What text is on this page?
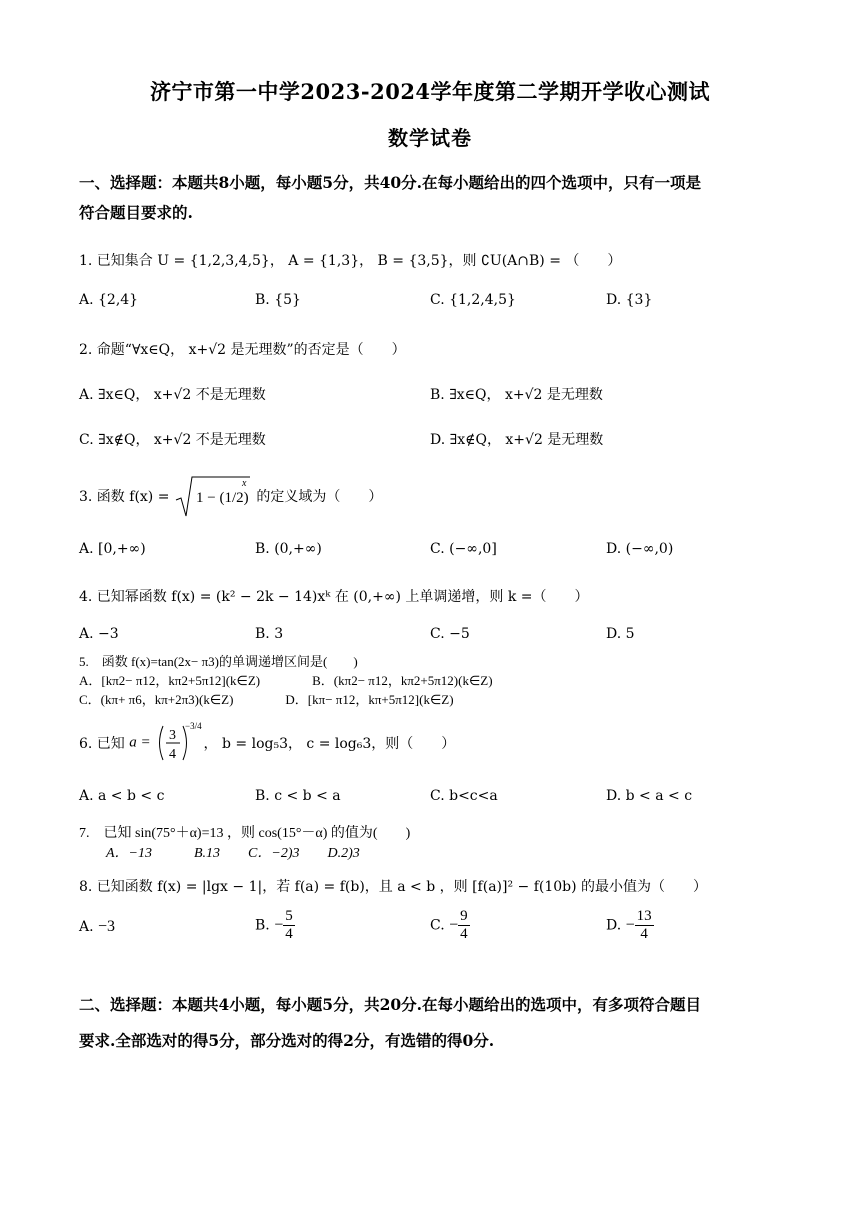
济宁市第一中学2023-2024学年度第二学期开学收心测试
数学试卷
一、选择题：本题共8小题，每小题5分，共40分.在每小题给出的四个选项中，只有一项是
符合题目要求的.
1. 已知集合 U = {1,2,3,4,5}， A = {1,3}， B = {3,5}，则 ∁U(A∩B) = （　　）
A. {2,4}	B. {5}	C. {1,2,4,5}	D. {3}
2. 命题“∀x∈Q， x+√2 是无理数”的否定是（　　）
A. ∃x∈Q， x+√2 不是无理数	B. ∃x∈Q， x+√2 是无理数
C. ∃x∉Q， x+√2 不是无理数	D. ∃x∉Q， x+√2 是无理数
3. 函数 f(x) = 1 − (1/2)
x
的定义域为（　　）
A. [0,+∞)	B. (0,+∞)	C. (−∞,0]	D. (−∞,0)
4. 已知幂函数 f(x) = (k² − 2k − 14)xᵏ 在 (0,+∞) 上单调递增，则 k =（　　）
A. −3	B. 3	C. −5	D. 5
5.　函数 f(x)=tan(2x− π3)的单调递增区间是(　　)
A．[kπ2− π12，kπ2+5π12](k∈Z)　　　　B．(kπ2− π12，kπ2+5π12)(k∈Z)
C．(kπ+ π6，kπ+2π3)(k∈Z)　　　　D．[kπ− π12，kπ+5π12](k∈Z)
6. 已知 a = 3
4
−3/4
， b = log₅3， c = log₆3，则（　　）
A. a < b < c	B. c < b < a	C. b<c<a	D. b < a < c
7.　已知 sin(75°＋α)=13 ，则 cos(15°－α) 的值为(　　)
A．−13　　　B.13　　C．−2)3　　D.2)3
8. 已知函数 f(x) = |lgx − 1|，若 f(a) = f(b)，且 a < b ，则 [f(a)]² − f(10b) 的最小值为（　　）
A. −3	B. − $\frac{5}{4}$	C. − $\frac{9}{4}$	D. − $\frac{13}{4}$
二、选择题：本题共4小题，每小题5分，共20分.在每小题给出的选项中，有多项符合题目
要求.全部选对的得5分，部分选对的得2分，有选错的得0分.
